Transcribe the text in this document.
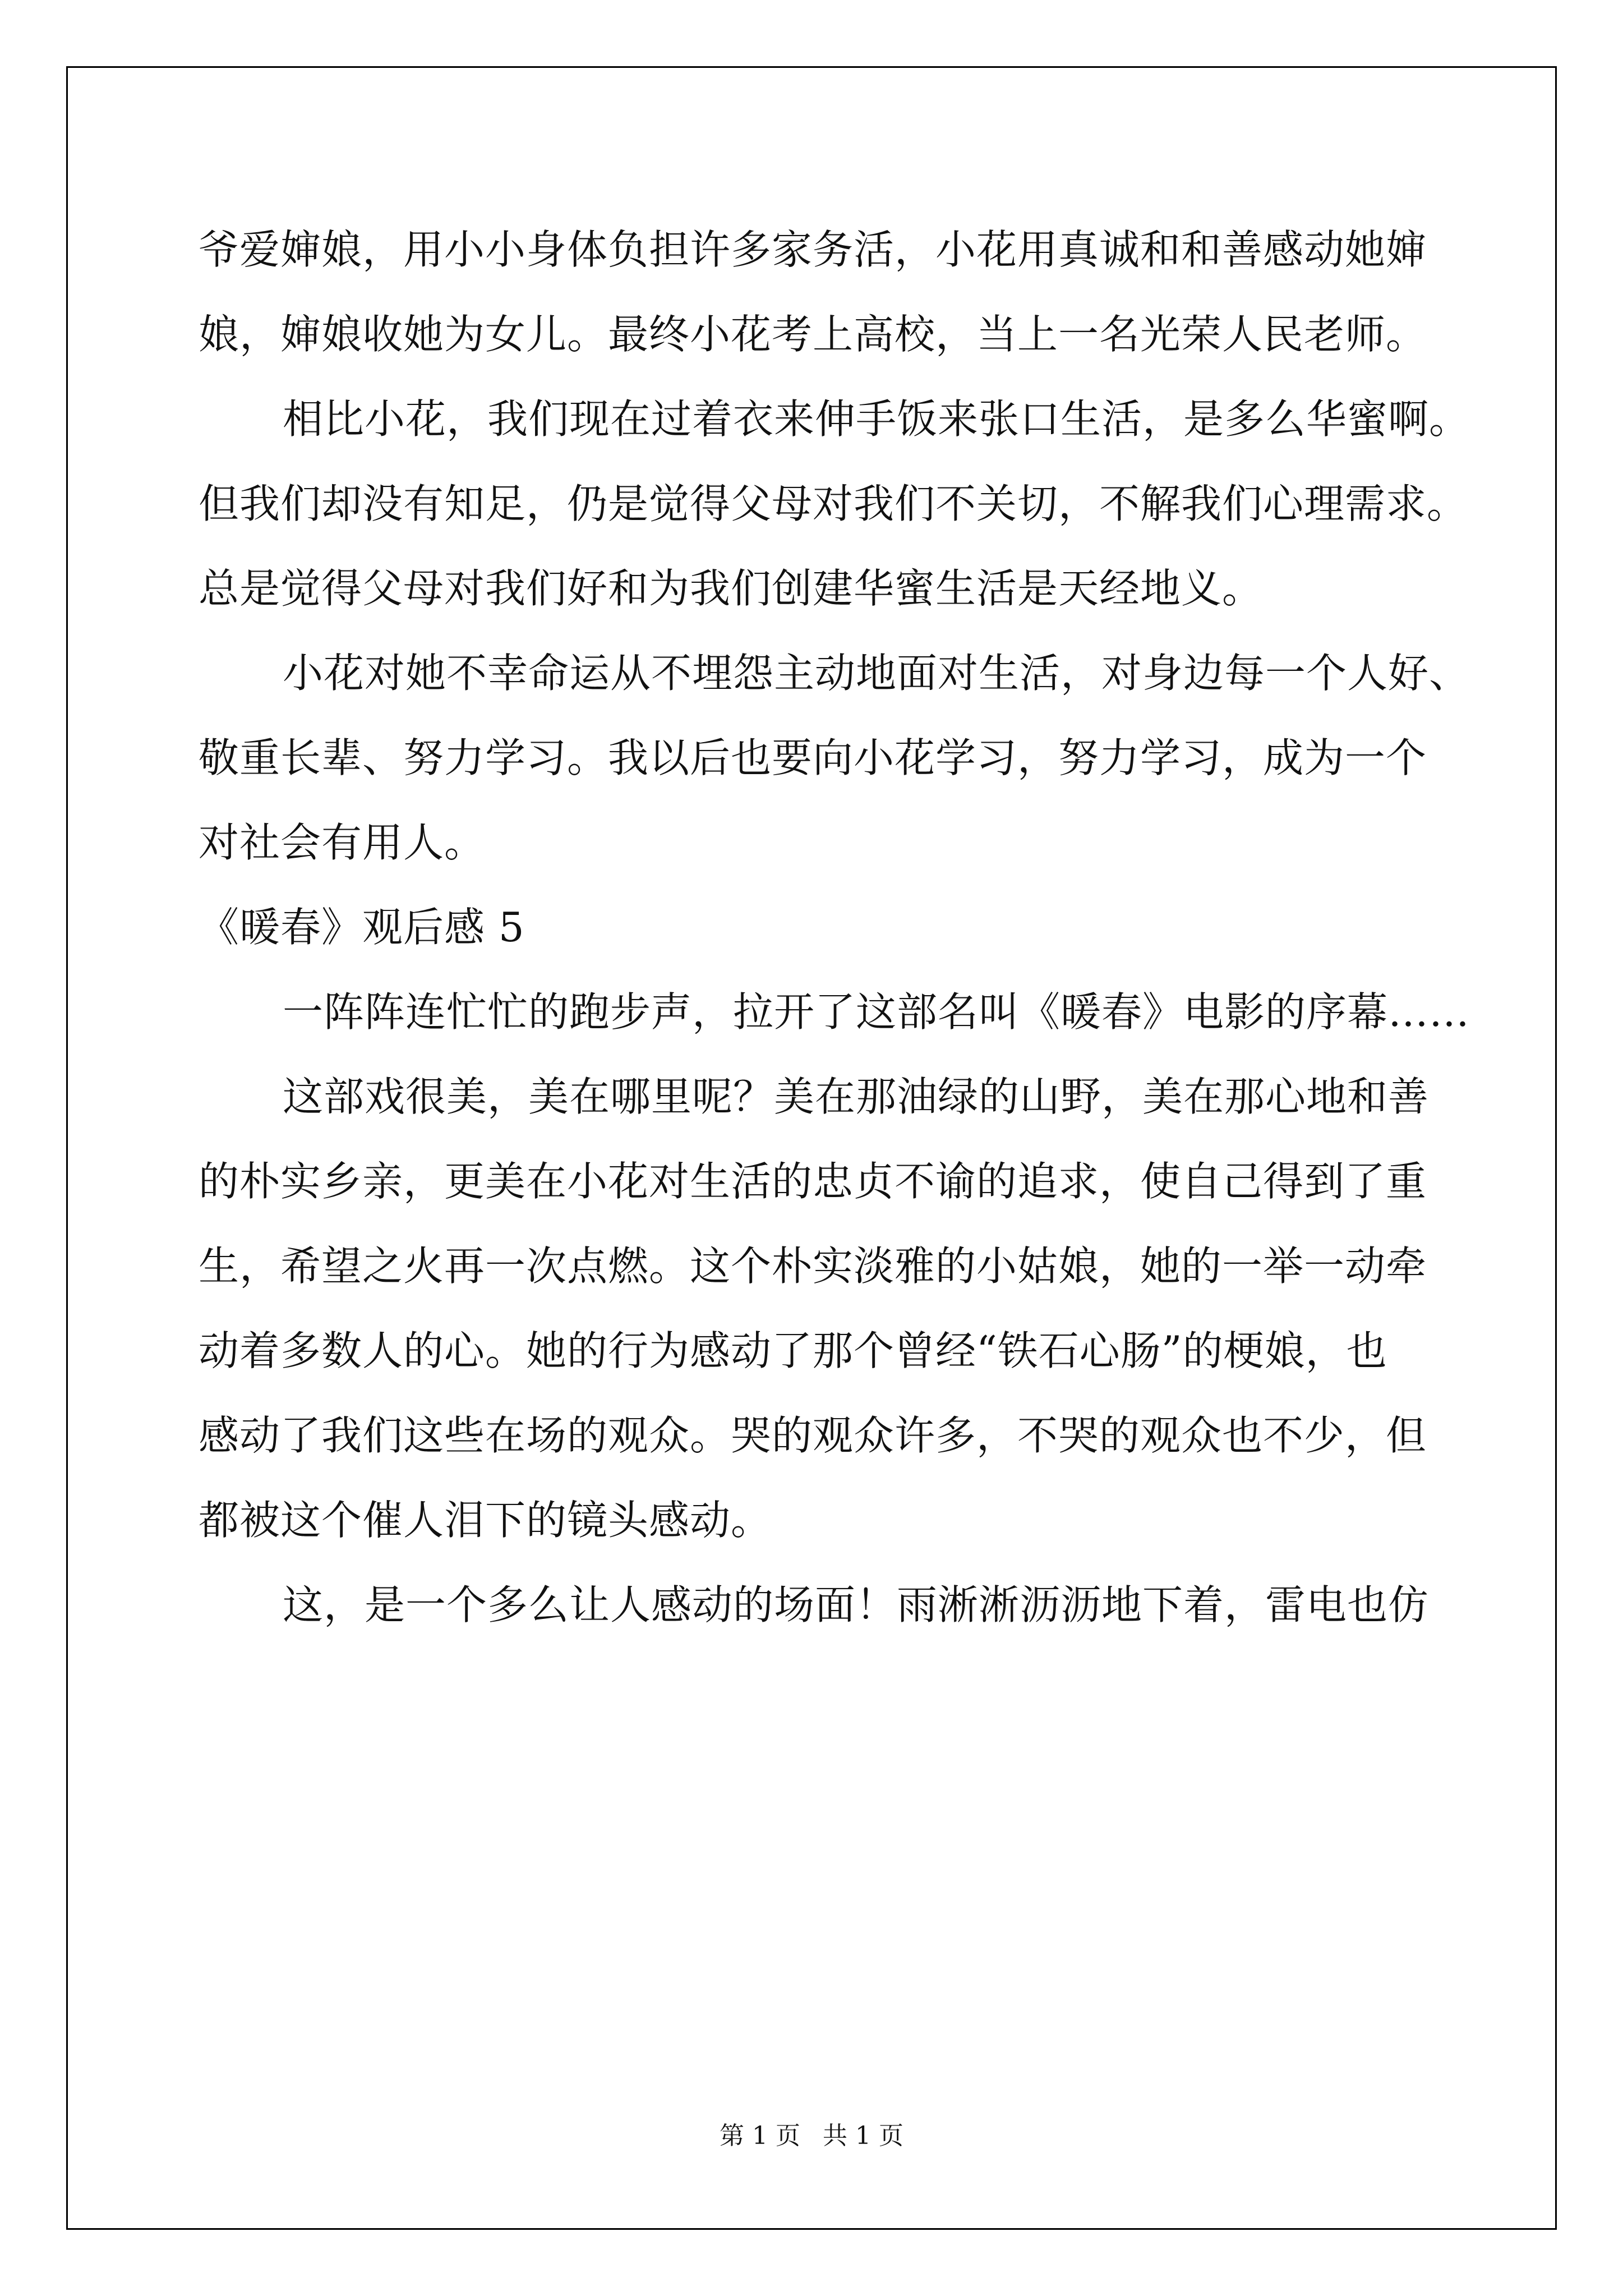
爷爱婶娘，用小小身体负担许多家务活，小花用真诚和和善感动她婶
娘，婶娘收她为女儿。最终小花考上高校，当上一名光荣人民老师。
相比小花，我们现在过着衣来伸手饭来张口生活，是多么华蜜啊。
但我们却没有知足，仍是觉得父母对我们不关切，不解我们心理需求。
总是觉得父母对我们好和为我们创建华蜜生活是天经地义。
小花对她不幸命运从不埋怨主动地面对生活，对身边每一个人好、
敬重长辈、努力学习。我以后也要向小花学习，努力学习，成为一个
对社会有用人。
《暖春》观后感 5
一阵阵连忙忙的跑步声，拉开了这部名叫《暖春》电影的序幕……
这部戏很美，美在哪里呢？美在那油绿的山野，美在那心地和善
的朴实乡亲，更美在小花对生活的忠贞不谕的追求，使自己得到了重
生，希望之火再一次点燃。这个朴实淡雅的小姑娘，她的一举一动牵
动着多数人的心。她的行为感动了那个曾经“铁石心肠”的梗娘，也
感动了我们这些在场的观众。哭的观众许多，不哭的观众也不少，但
都被这个催人泪下的镜头感动。
这，是一个多么让人感动的场面！雨淅淅沥沥地下着，雷电也仿
第 1 页 共 1 页
